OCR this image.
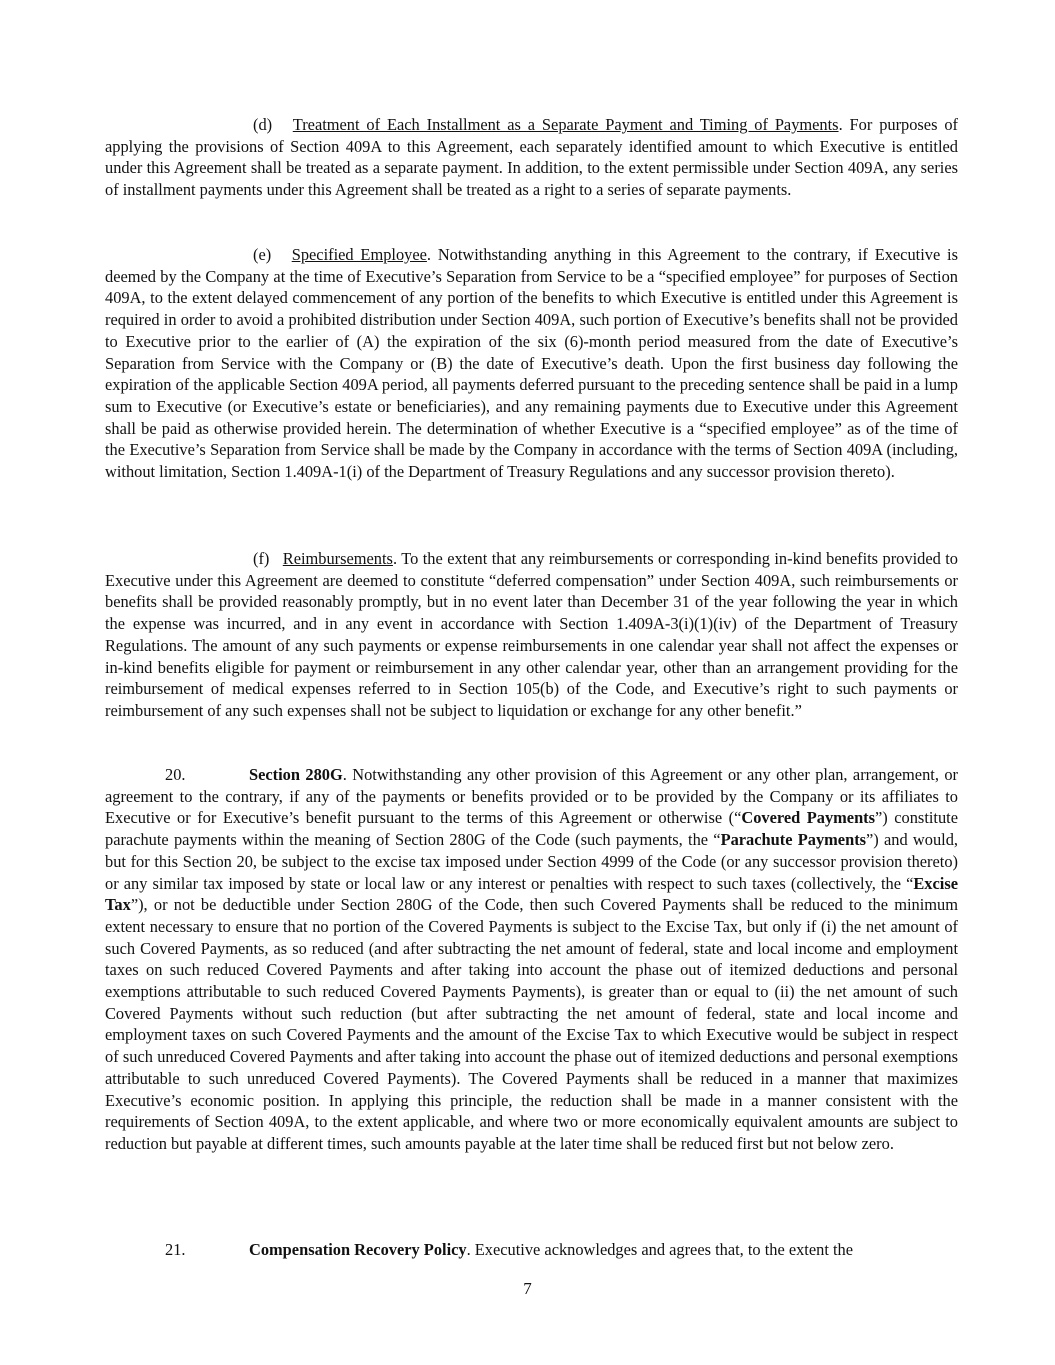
(d) Treatment of Each Installment as a Separate Payment and Timing of Payments. For purposes of applying the provisions of Section 409A to this Agreement, each separately identified amount to which Executive is entitled under this Agreement shall be treated as a separate payment. In addition, to the extent permissible under Section 409A, any series of installment payments under this Agreement shall be treated as a right to a series of separate payments.

(e) Specified Employee. Notwithstanding anything in this Agreement to the contrary, if Executive is deemed by the Company at the time of Executive’s Separation from Service to be a “specified employee” for purposes of Section 409A, to the extent delayed commencement of any portion of the benefits to which Executive is entitled under this Agreement is required in order to avoid a prohibited distribution under Section 409A, such portion of Executive’s benefits shall not be provided to Executive prior to the earlier of (A) the expiration of the six (6)-month period measured from the date of Executive’s Separation from Service with the Company or (B) the date of Executive’s death. Upon the first business day following the expiration of the applicable Section 409A period, all payments deferred pursuant to the preceding sentence shall be paid in a lump sum to Executive (or Executive’s estate or beneficiaries), and any remaining payments due to Executive under this Agreement shall be paid as otherwise provided herein. The determination of whether Executive is a “specified employee” as of the time of the Executive’s Separation from Service shall be made by the Company in accordance with the terms of Section 409A (including, without limitation, Section 1.409A-1(i) of the Department of Treasury Regulations and any successor provision thereto).

(f) Reimbursements. To the extent that any reimbursements or corresponding in-kind benefits provided to Executive under this Agreement are deemed to constitute “deferred compensation” under Section 409A, such reimbursements or benefits shall be provided reasonably promptly, but in no event later than December 31 of the year following the year in which the expense was incurred, and in any event in accordance with Section 1.409A-3(i)(1)(iv) of the Department of Treasury Regulations. The amount of any such payments or expense reimbursements in one calendar year shall not affect the expenses or in-kind benefits eligible for payment or reimbursement in any other calendar year, other than an arrangement providing for the reimbursement of medical expenses referred to in Section 105(b) of the Code, and Executive’s right to such payments or reimbursement of any such expenses shall not be subject to liquidation or exchange for any other benefit.”

20.	Section 280G. Notwithstanding any other provision of this Agreement or any other plan, arrangement, or agreement to the contrary, if any of the payments or benefits provided or to be provided by the Company or its affiliates to Executive or for Executive’s benefit pursuant to the terms of this Agreement or otherwise (“Covered Payments”) constitute parachute payments within the meaning of Section 280G of the Code (such payments, the “Parachute Payments”) and would, but for this Section 20, be subject to the excise tax imposed under Section 4999 of the Code (or any successor provision thereto) or any similar tax imposed by state or local law or any interest or penalties with respect to such taxes (collectively, the “Excise Tax”), or not be deductible under Section 280G of the Code, then such Covered Payments shall be reduced to the minimum extent necessary to ensure that no portion of the Covered Payments is subject to the Excise Tax, but only if (i) the net amount of such Covered Payments, as so reduced (and after subtracting the net amount of federal, state and local income and employment taxes on such reduced Covered Payments and after taking into account the phase out of itemized deductions and personal exemptions attributable to such reduced Covered Payments Payments), is greater than or equal to (ii) the net amount of such Covered Payments without such reduction (but after subtracting the net amount of federal, state and local income and employment taxes on such Covered Payments and the amount of the Excise Tax to which Executive would be subject in respect of such unreduced Covered Payments and after taking into account the phase out of itemized deductions and personal exemptions attributable to such unreduced Covered Payments). The Covered Payments shall be reduced in a manner that maximizes Executive’s economic position. In applying this principle, the reduction shall be made in a manner consistent with the requirements of Section 409A, to the extent applicable, and where two or more economically equivalent amounts are subject to reduction but payable at different times, such amounts payable at the later time shall be reduced first but not below zero.

21.	Compensation Recovery Policy. Executive acknowledges and agrees that, to the extent the

7
